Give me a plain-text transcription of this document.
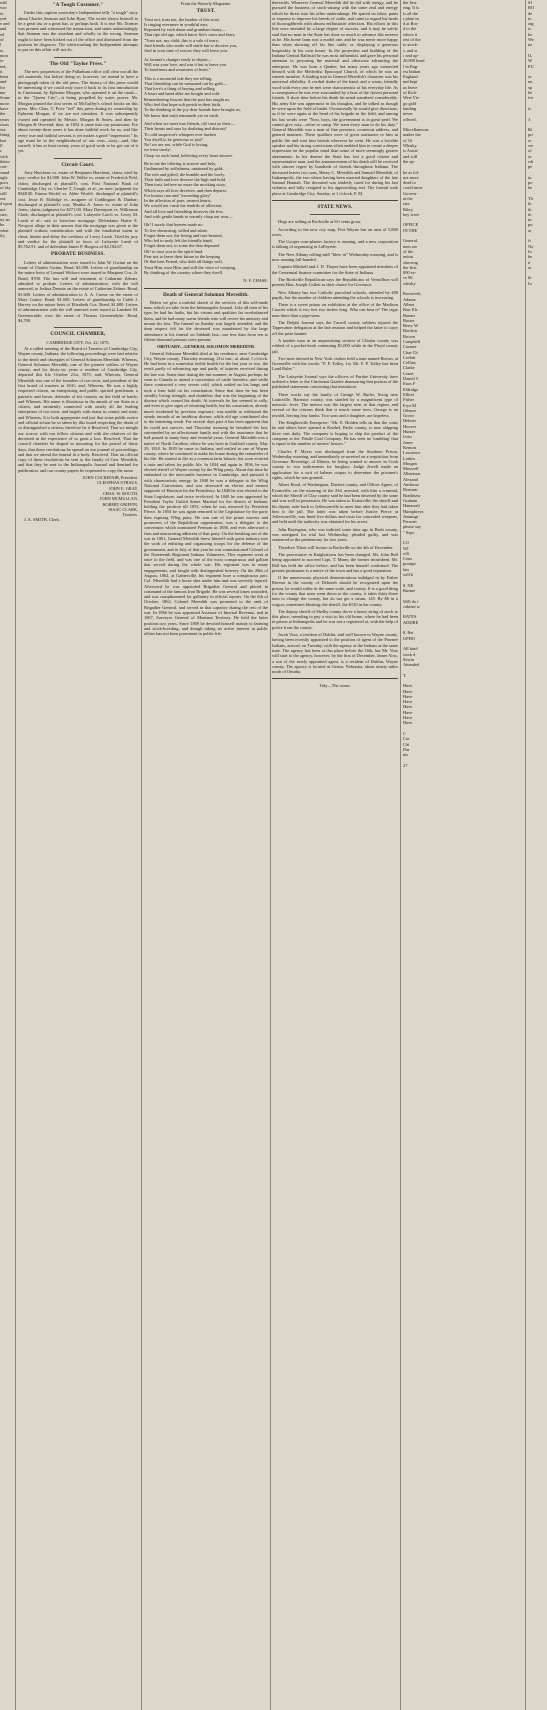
odd
wor
er
yed.
e and
and
ed
of
l
rs.
mon
re
ted,
it
been
and
for
me
Some
more.
have
the
years
rious
out
fiting
lust
lf
r.
with
them-
con-
stand
ugly
poor
of sky
still
out
d upon.
not
size,
ny an
be.
what
tly,
"A Tough Customer."

Under this caption yesterday's Independent tells "a tough" story about Charles Seaman and John Ryan. The writer shows himself to be a great ass or a great liar, or perhaps both. It is true Mr. Dormer was present and witnessed the transaction, and states unhesitatingly that Seaman was the assailant and wholly in the wrong. Seaman ought to have been kicked out of the office and dismissed from the position he disgraces. The whitewashing the Independent attempts to put on this affair will not do.

The Old "Taylor Press."

The new proprietors of the Palladium office will clear out all the old materials, but before doing so, however, we intend to have a photograph taken of the old press. The history of this press would be interesting if we could only trace it back to its first introduction in Cincinnati, by Ephraim Morgan, who operated it on the canal—in the "Queen City"—it being propelled by water power. Mr. Morgan printed the first series of McGuffey's school books on this press. Mrs. Chas. T. Price "fed" this press during its ownership by Ephraim Morgan, if we are not mistaken. It was subsequently owned and operated by Messrs. Morgan & Saxey, and then by Morgan & Overend; then, in 1852 it came into our possession. For about twenty-three years it has done faithful work for us, and like every true and faithful servant, it yet makes a good "impression." Its age must be in the neighborhood of our own—sixty—and, like ourself, it has at least twenty years of good work to be got out of it yet.

Circuit Court.

Amy Hutchens vs. estate of Benjamin Hutchens, claim, tried by jury; verdict for $1,000. John W. Walke vs. estate of Frederick Pohl, claim; discharged at plaintiff's cost. First National Bank of Cambridge City vs. Charles T. Gough, et al., on note; judgment for $348.00. Emma Worfel vs. Alder Worfel; discharged at plaintiff's cost. Jesse B. Eldridge vs. assignee of Coddington & Dunbar; discharged at plaintiff's cost. Martha A. Jones vs. estate of John Jones, claim; judgment for $271.00. Mary Davenport vs. Wilkinson Clark; discharged at plaintiff's cost. Lafayette Larch vs. Leroy M. Larsh et al.; suit to foreclose mortgage. Defendants Hattie E. Newport allege in their answer that the mortgage was given to the plaintiff without consideration and with the fraudulent intent to cheat, hinder and delay the creditors of Leroy Larsh. Tried by jury and verdict for the plaintiff in favor of Lafayette Larsh of $5,762.91, and of defendant James P. Burgess of $4,104.67.

PROBATE BUSINESS.

Letters of administration were issued to John W. Gwinn on the estate of Charles Gwinn. Bond, $1,000. Letters of guardianship on the minor heirs of Lemuel Widows were issued to Margaret Cox, Jr. Bond, $700. The last will and testament of Catharine Zehner, admitted to probate. Letters of administration, with the will annexed, to Joshua Densite on the estate of Catherine Zehner. Bond, $1,600. Letters of administration to A. A. Curme on the estate of Mary Curme. Bond, $1,600. Letters of guardianship to Caleb J. Harvey on the minor heirs of Elizabeth Cox. Bond, $1,000. Letters of administration with the will annexed were issued to Lambert M. Greenewalde, over the estate of Thomas Groenendyke. Bond, $4,700.

COUNCIL CHAMBER,
CAMBRIDGE CITY, Oct. 22, 1875.

At a called meeting of the Board of Trustees of Cambridge City, Wayne county, Indiana, the following proceedings were had relative to the death and obsequies of General Solomon Meredith: Whereas, General Solomon Meredith, one of the pioneer settlers of Wayne county, and for thirty-six years a resident of Cambridge City, departed this life October 21st, 1875; and, Whereas, General Meredith was one of the founders of our town, and president of the first board of trustees in 1841; and, Whereas, He was a highly respected citizen, an enterprising and public spirited gentleman, a patriotic and heroic defender of his country on the field of battle; and Whereas, His name is illustrious in the annals of our State as a citizen, and eminently connected with nearly all the leading enterprises of our town, and largely with many in county and state; and Whereas, It is both appropriate and just that some public notice and official action be so taken by this board respecting the death of so distinguished a citizen; therefore be it Resolved, That we mingle our sorrow with our fellow citizens and with the relatives of the deceased in the experience of so great a loss. Resolved, That the council chamber be draped in mourning for the period of thirty days, that these resolutions be spread on our journal of proceedings; and that we attend the funeral in a body. Resolved, That an official copy of these resolutions be sent to the family of Gen. Meredith, and that they be sent to the Indianapolis Journal and Sentinel for publication, and our county papers be requested to copy the same.

JOHN COCKEFAIR, President.
CLEOPHAS STRAUS,
JOHN E. GRAY,
CHAS. W. ROUTH,
JOHN MCMULLAN,
ROBERT GRIFFIN,
ISAAC CLARK,
Trustees.
J. A. SMITH, Clerk.
From the Waverly Magazine.
TRUST.

Trust not, trust not, the burden of this story
Is ringing evermore in youthful ears,
Repeated by each dame and grandsire hoary—
That ripe old age, which know life's cares and fears:
"Trust not, my child, this is a vale of tears;
And friends who smile will smile but to deceive you,
And in your time of sorrow they will leave you.

At fortune's changes ready to depart—
Will win your love, and win it but to leave you
To loneliness and weariness of heart."

This is a mournful tale they are telling,
That friendship can be measured out by gold—
That love's a thing of buying and selling
A heart and hand alike are bought and sold.
Remembering lessons that the past has taught us,
Who feel that hope soft perish in their birth,
To the thinking of the joy dear friends have brought us,
We know that truth remaineth yet on earth.

And when we meet true friends, oh! trust us their—
Their hearts and ours by doubting and distrust?
To cold suspicion's whispers ever harken
You dwell to be generous or just?
No! we are not, while God is loving,
we trust surely;
Clasp we each hand, believing every heart sincere.

Be to me the offering is sincere and holy,
Undimmed by selfishness, untainted by gold;
The rich and gifted, the humble and the lowly,
Their faith and love deserve the high and bold.
Then trust, believe no more the mocking story,
Which says all love deceives, and then departs;
For honors rare and "exceeding glory"
In the affection of pure, earnest hearts.
We would not crush the tendrils of affection,
And all love and friendship deserves the few;
And with gentle hands to warmly clasp our own—

Oh! I surely that heaven made no
To live distrusting, willed and alone.
Forget them not, the loving and true-hearted,
Who led to early left the friendly band;
Forget them not, to some the dear departed
Oh! to trust you in the spirit-land.
Fear not to leave their future in the keeping
Of that best Friend, who doth all things well,
Trust Him, trust Him, and still the voice of weeping,
By thinking of the country where they dwell.

N. F. CHASE.
Death of General Solomon Meredith.

Below we give a truthful sketch of the services of this self-made man, which we take from the Indianapolis Journal. Like all men of his type, he had his faults, but his virtues and qualities far overbalanced them, and he had many warm friends who will revere his memory and mourn his loss. The funeral on Sunday was largely attended, and the deep respect felt for the deceased was manifested by the large attendance at his funeral on Sabbath last—not less than from ten to fifteen thousand persons were present:

OBITUARY—GENERAL SOLOMON MEREDITH.

General Solomon Meredith died at his residence, near Cambridge City, Wayne county, Thursday morning, 21st inst., at about 1 o'clock. He had been in a somewhat feeble health for the last year or two, the result partly of advancing age and partly of injuries received during the late war. Some time during the last summer, in August, perhaps, he went to Canada to attend a convention of cattle breeders, and while there contracted a very severe cold, which settled on his lungs and took a firm hold on his constitution. Since that time he has been steadily losing strength, and doubtless that was the beginning of the disease which caused his death. At intervals he has seemed to rally, and even to give signs of returning health, but his constitution, already much weakened by previous exposure, was unable to withstand the steady inroads of an insidious disease, while old age contributed also to the hastening result. For several days past it has been apparent that he could not survive, and Thursday morning he breathed his last, surrounded by an affectionate family and with the assurance that he had passed to many busy and eventful years. General Meredith was a native of North Carolina, where he was born in Guilford county, May 29, 1810. In 1829 he came to Indiana, and settled in one of Wayne county, where he continued to make his home during the remainder of his life. He started in life as a common farm laborer, but soon evinced a taste and talent for public life. In 1834 and again in 1836, he was elected sheriff of Wayne county by the Whig party. About this time he embarked in the mercantile business in Cambridge, and pursued it with characteristic energy. In 1840 he was a delegate to the Whig National Convention, and was afterward an elector and earnest supporter of Harrison for the Presidency. In 1846 he was elected to the State Legislature, and twice re-elected. In 1849 he was appointed by President Taylor United States Marshal for the district of Indiana, holding the position till 1853, when he was removed by President Pierce. In 1854 he was again returned to the Legislature by the party then expiring Whig party. He was one of the prime movers and promoters of the Republican organization, was a delegate to the convention which nominated Fremont in 1856, and ever afterward a firm and unwavering adherent of that party. On the breaking out of the war in 1861, General Meredith threw himself with great industry into the work of enlisting and organizing troops for the defense of the government, and in July of that year he was commissioned Colonel of the Nineteenth Regiment Indiana Volunteers. This regiment went at once to the field, and was one of the most conspicuous and gallant that served during the whole war. His regiment was in many engagements, and fought with distinguished bravery. On the 28th of August, 1862, at Gainesville, his regiment bore a conspicuous part. Col. Meredith had a horse shot under him and was severely injured. Afterward he was appointed Brigadier General and placed in command of the famous Iron Brigade. He was several times wounded, and was complimented for gallantry in official reports. On the 6th of October, 1862, Colonel Meredith was promoted to the rank of Brigadier General, and served in that capacity during the rest of the war. In 1866 he was appointed Assessor of Internal Revenue, and in 1867, Surveyor General of Montana Territory. He held the latter position two years. Since 1869 he devoted himself mainly to farming and stock-breeding, and though taking an active interest in public affairs has not been prominent in public life.

therewith. Whatever General Meredith did he did with energy, and he pursued the business of stock-raising with the same zeal and energy which he threw into his other undertakings. He spared no labor, pains or expense to improve his breeds of cattle, and came to regard his herds of thoroughbreds with almost enthusiastic affection. His efforts in this line were attended by a large degree of success, and it may be safely said that no man in the State has done so much to advance this interest as he. His home farm was a model one, and he was never more happy than when showing off his fine cattle, or displaying a generous hospitality in his own house. In the projection and building of the Indiana Central Railroad he was most influential, and gave his personal attention to procuring the material and otherwise advancing the enterprise. He was born a Quaker, but many years ago connected himself with the Methodist Episcopal Church, of which he was an earnest member. A leading trait in General Meredith's character was his universal affability. A cordial shake of the hand, and a warm, friendly word with every one he met were characteristic of his everyday life. As a consequence he was ever surrounded by a host of the closest personal friends. A short time before his death his mind wandered considerably. His army life was uppermost in his thoughts, and he talked as though he were upon the field of battle. Occasionally he would give directions, as if he were again at the head of his brigade in the field, and among his last words were "Now, boys, the government is in great peril. We cannot give way—retire to camp. We want every man to do his duty." General Meredith was a man of fine presence, courteous address, and general manners. These qualities were of great assistance to him in public life and won him friends wherever he went. He was a forcible speaker and his strong convictions often enabled him to create a deeper impression on the popular mind than some of more seemingly greater attainments. In his demise the State has lost a good citizen and representative man, and the announcement of his death will be received with sincere regret by hundreds of friends throughout Indiana. The deceased leaves two sons, Henry C. Meredith and Samuel Meredith, of Indianapolis, the two others having been married daughters of the late Samuel Hannah. The deceased was tenderly cared for during his last sickness and fully resigned to his approaching end. The funeral took place at Cambridge City, Sunday, at 1 o'clock, P. M.

STATE NEWS.

Hogs are selling at Rockville at 6½ cents gross.

According to the new city map, Fort Wayne has an area of 5,800 acres.

The Cooper corn-planter factory is running, and a new corporation is talking of organizing in LaFayette.

The New Albany rolling-mill "blew in" Wednesday morning, and is now running full-handed.

Captain Mitchell and J. D. Thayer have been appointed members of the Centennial finance committee for the State of Indiana.

The Rockville Republican says the Republicans of Vermillion will present Hon. Joseph Collett as their choice for Governor.

New Albany has two Catholic parochial schools, attended by 400 pupils, but the number of children attending the schools is increasing.

There is a sweet potato on exhibition at the office of the Madison Courier which is two feet two inches long. Who can beat it? The cigar man there than a pipe-stem.

The Delphi Journal says the Carroll county soldiers injured the Tippecanoe delegation at the late reunion and helped the latter to carry off the prize banner.

A lumber man in an unpromising section of Clinton county was robbed of a pocket-book containing $1,000 while in the Floyd county jail.

Two men dressed in New York clothes held a man named Brown, at Greenville with the words: "F. P. Tolley, 1st. Mr. F. P. Tolley has been Land Ruler."

The Lafayette Journal says the officers of Purdue University have ordered a letter to the Cincinnati Gazette denouncing that portion of the published statements concerning that institution.

There works say the family of George W. Butler, living near Louisville, Harrison county, was startled by a magnificent type of meteoric fever. The meteor was the largest seen in that region, and several of the citizens think that it struck some trees. George is an invalid, leaving four lambs. Two sons and a daughter, are hopeless.

The Knightsville Enterprise: "Mr. E. Holden tells us that the coins he and others have opened at Knobel, Parke county, is now shipping three cars daily. The company is hoping to ship the product of the company at the Thistle Coal Company. He has seen no 'tumbling' that is equal to the number of miners' houses."

Charles F. Myers was discharged from the Southern Prison, Wednesday morning, and immediately re-arrested on a requisition from Governor Beveridge, of Illinois, he being wanted to answer in Cook county to two indictments for burglary. Judge Jewell made an application for a writ of habeas corpus to determine the prisoner's rights, which he was granted.

Albert Hood, of Washington, Daviess county, and Officer Agnes, of Evansville, on the morning of the 23d, arrested, with him a criminal, which the Sheriff of Clay county said he had been deserted by the same and was well in possession. He was taken to Evansville; the sheriff and his deputy rode back to Jeffersonville to meet him after they had taken him to the jail. The latter was taken before Justice Pierce at Jeffersonville, was fined five dollars and costs for concealed weapons, and held until the authority was obtained for his arrest.

John Boyington, who was indicted some time ago in Bush county, was arraigned for trial last Wednesday, pleaded guilty, and was sentenced to the penitentiary for two years.

Theodore Tilton will lecture in Rockville on the 4th of December.

The post-master at Knightstown has been changed. Mr. John Bell being appointed to succeed Capt. T. Miner, the former incumbent. Mr. Bell has held the office before, and has been himself confirmed. The present postmaster is a native of the town and has a good reputation.

If the unnecessary physical demonstrations indulged in by Father Raveau in the county of Deborah should be recognized upon the prison, he would suffer in the same scale, and county. It is a good thing for the county that none went down to the county, it takes thirty-three men to change the county, but do not get a steam, 145. Ry $6 in a wagon, sometimes bleating; the sheriff, the $150 in the county.

The deputy sheriff of Shelby county drove a heavy string of stock to this place, intending to pay a visit to his old home, where he had been in prison at Indianapolis and he was not a registered at, with the help of police from the county.

Jacob Voss, a resident of Dublin, and well known in Wayne county, having been recently appointed to the position of agent of the Pawnee Indians, arrived, on Tuesday, with the agency at the Indians at the same time. The agency has been at this place before the 16th, but Mr. Voss will start to the agency, however, by the first of December. James Voss, a son of the newly appointed agent, is a resident of Dublin, Wayne county. The agency is located at Genoa, Nebraska, about ninety miles north of Omaha.

Tidy—The ocean.
the first
ring. It is
is all the
r plant in
d at Bos-
d to the
where it
rest of the
to stock-
s, and is
r and up-
20,000 head
l in Eng-
est Indian
England.
md kept
us leave
of Rich-
West Vir-
go gold
landing
never
offered,

Miscellaneous.
makes the
of 16
Whisky.
is Assist-
and will
the ap-

be as fol-
not more
dead to
could mon-
Govern-
at the
rate
Riley,
key were

OFFICE
IN THE

General.
men are
of the
union
showing
the first
000 ex-
ce 90.
whisky

Roosevelt,
Adams
Albert
Barr Els
Barnes
Baxter
Berry W
Breckin
Brown
Campbell
Castner
Char Ch
Corbitt
Collins
Clarke
Crane
Daniel C
Enos F
Eldridge
Elliott
Fisher
Frye M
Gibson
Grove
Helmer
Hoover
Hunter
Irvin
Jones
Kenton
Lawrence
Larkin
Morgan
Maxwell
Albertson
Alexand
Ambrose
Bertram
Bradshaw
Graham
Hanawalt
Humphreys
Jennings
Persons
please say
" Sept.

LO
WI
offi
Cons
prompt
law
will b

8. NE
Busine

Will do t
cabinet w

RATES
ADDRE

8. Ret
UPHO

All kind
work d
Sewin
Attended

T.

Have
Have
Have
Have
Have
Have
Have
Have

C
Car
Chi
Dar
nis

27
SI
RO
de
to
rag
to
he
We
ne

IL
W
PU

or
un
sp
be
for

is

3

Ri
pri
re
we
of
or
wh
pe

in
po
be

Th
th
th
th
in
pu
at

fr
No
In
he
it
at

th
In
